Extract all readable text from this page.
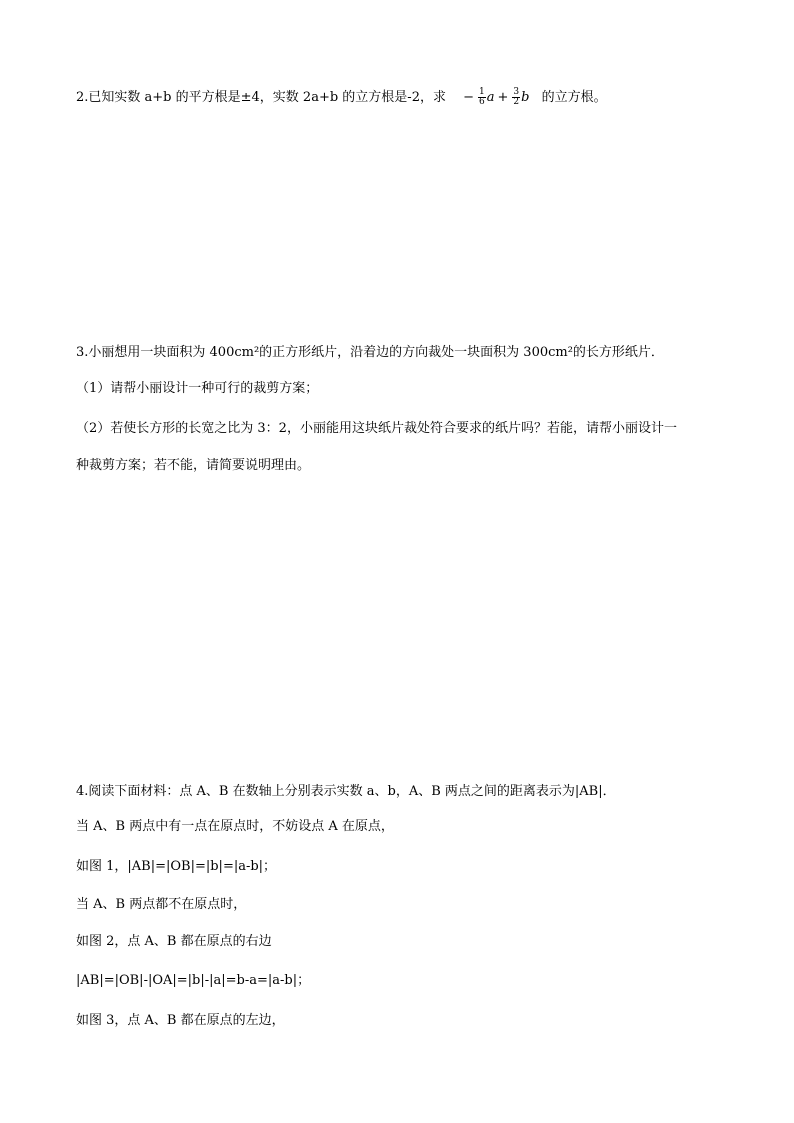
2.已知实数 a+b 的平方根是±4，实数 2a+b 的立方根是-2，求 − $\frac{1}{6}$ $a + \frac{3}{2}$ b 的立方根。
3.小丽想用一块面积为 400cm²的正方形纸片，沿着边的方向裁处一块面积为 300cm²的长方形纸片．
（1）请帮小丽设计一种可行的裁剪方案；
（2）若使长方形的长宽之比为 3：2，小丽能用这块纸片裁处符合要求的纸片吗？若能，请帮小丽设计一
种裁剪方案；若不能，请简要说明理由。
4.阅读下面材料：点 A、B 在数轴上分别表示实数 a、b，A、B 两点之间的距离表示为|AB|．
当 A、B 两点中有一点在原点时，不妨设点 A 在原点，
如图 1，|AB|=|OB|=|b|=|a-b|；
当 A、B 两点都不在原点时，
如图 2，点 A、B 都在原点的右边
|AB|=|OB|-|OA|=|b|-|a|=b-a=|a-b|；
如图 3，点 A、B 都在原点的左边，
